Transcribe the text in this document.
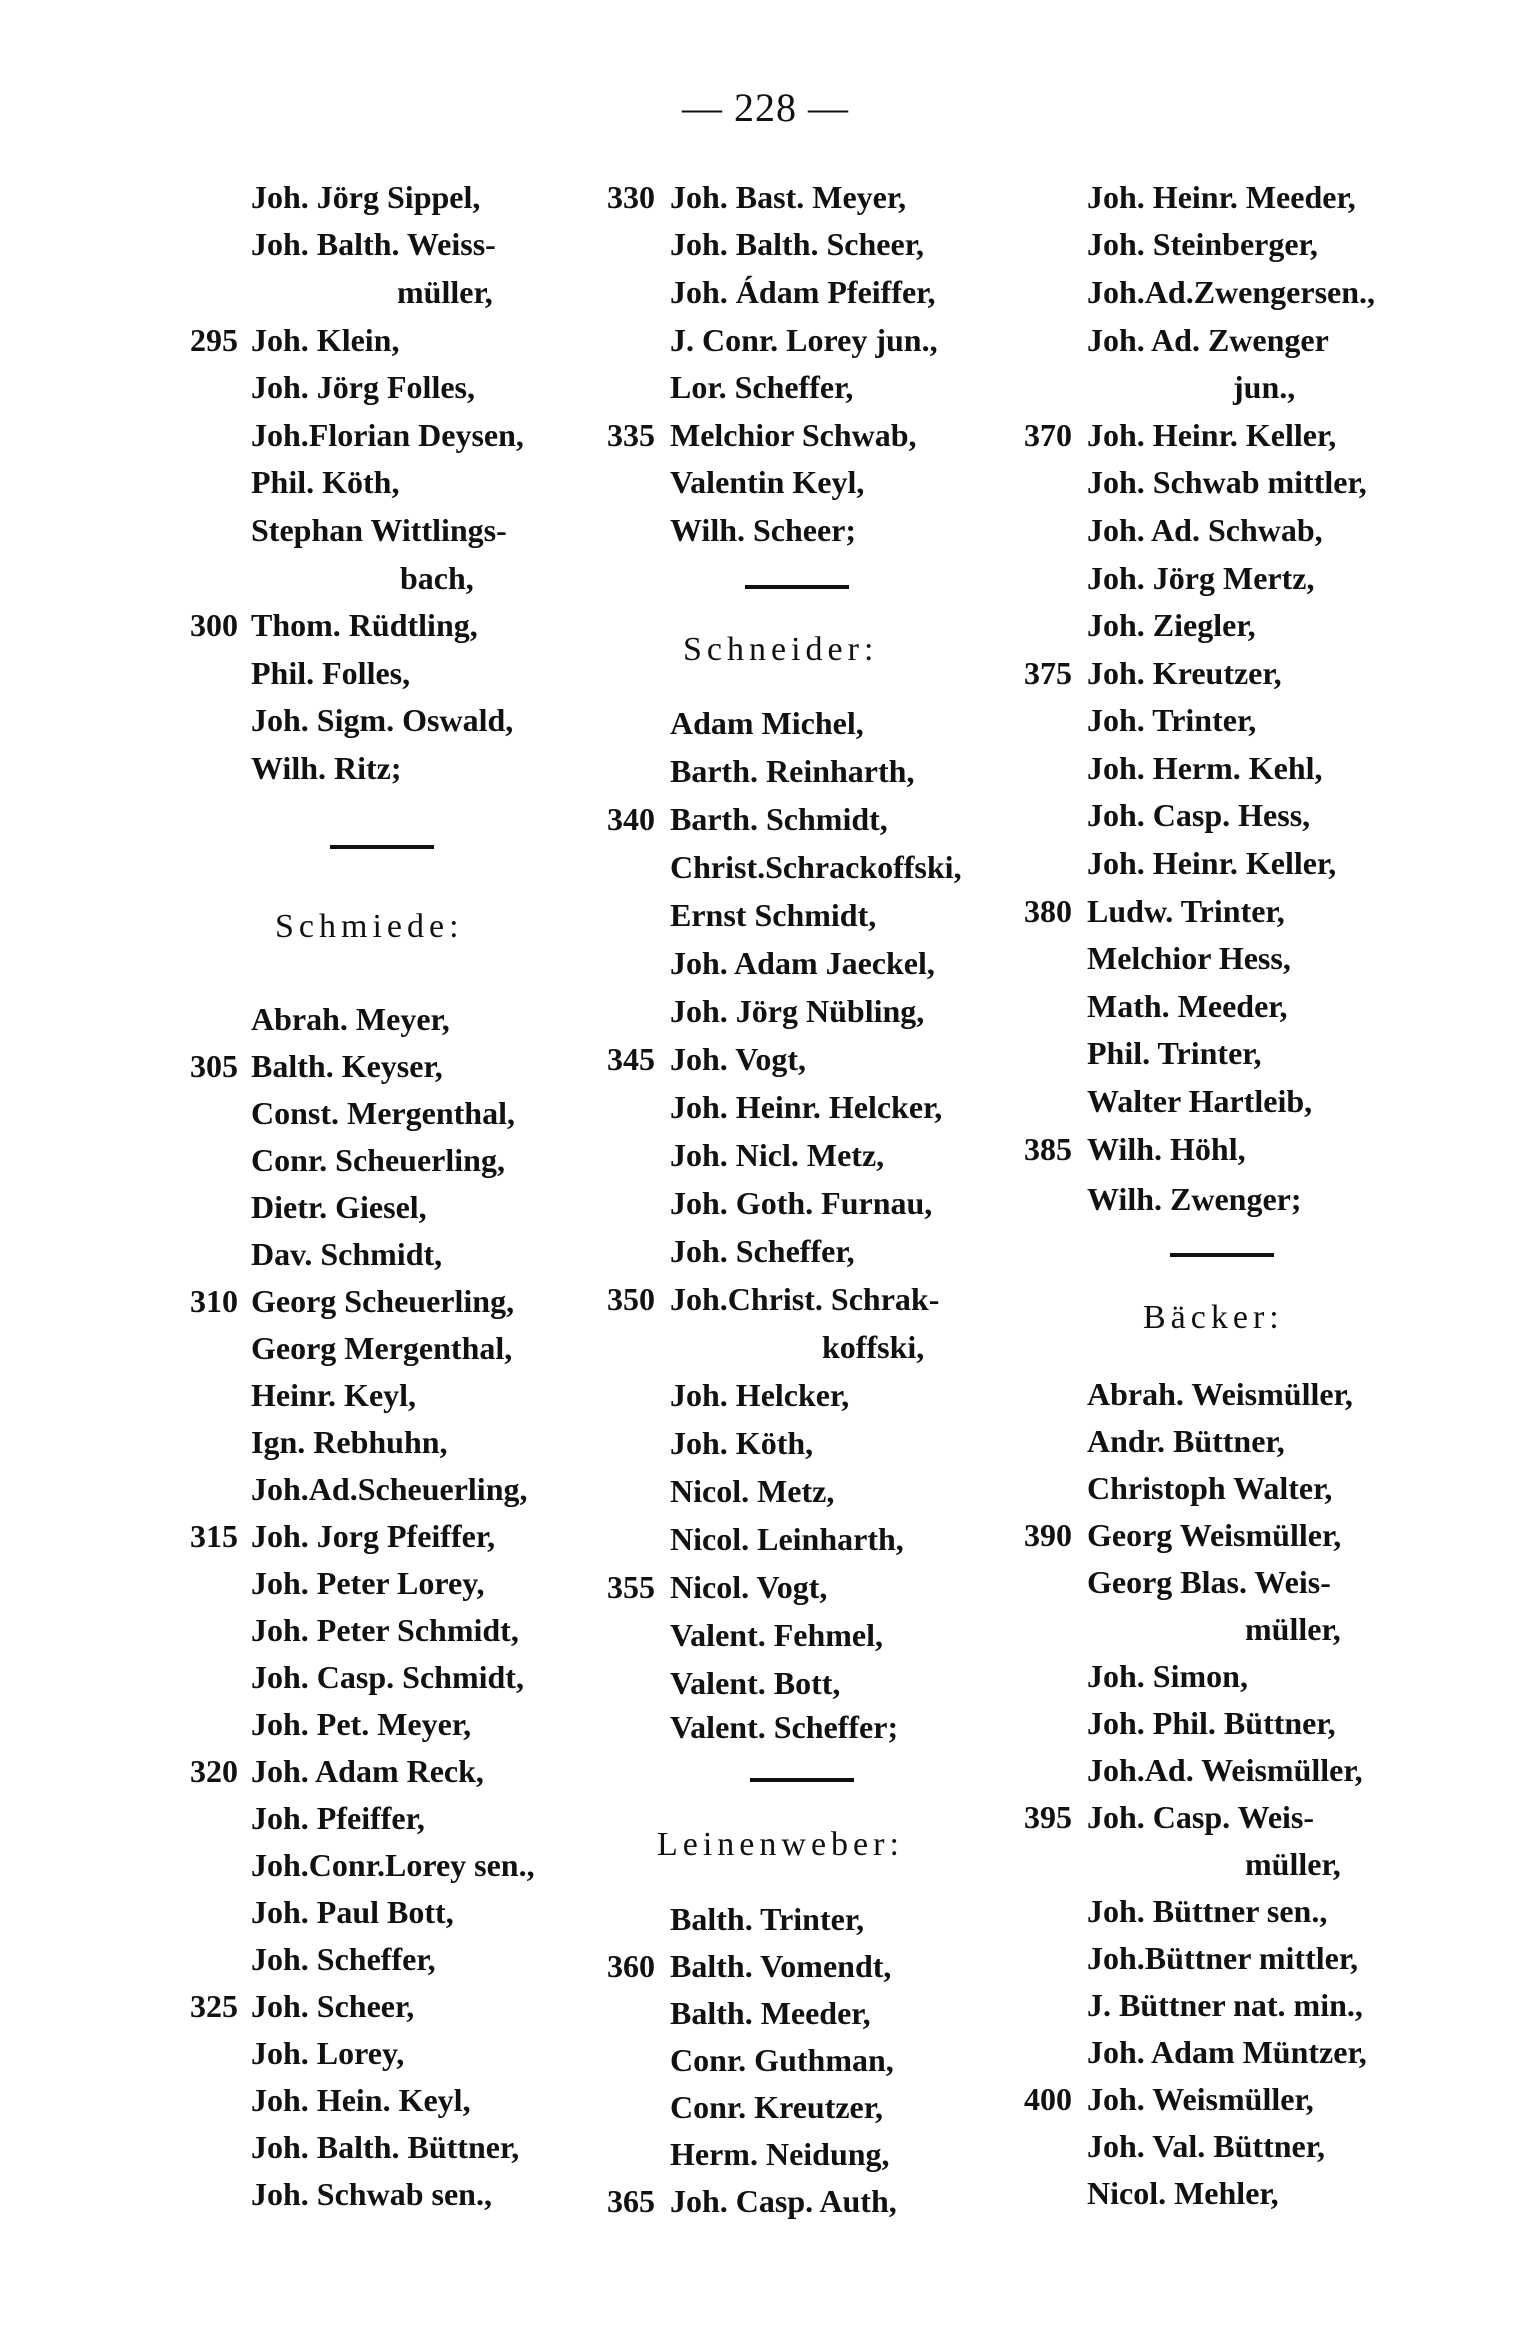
— 228 —
Joh. Jörg Sippel,
Joh. Balth. Weiss-
müller,
295 Joh. Klein,
Joh. Jörg Folles,
Joh.Florian Deysen,
Phil. Köth,
Stephan Wittlings-
bach,
300 Thom. Rüdtling,
Phil. Folles,
Joh. Sigm. Oswald,
Wilh. Ritz;
Abrah. Meyer,
305 Balth. Keyser,
Const. Mergenthal,
Conr. Scheuerling,
Dietr. Giesel,
Dav. Schmidt,
310 Georg Scheuerling,
Georg Mergenthal,
Heinr. Keyl,
Ign. Rebhuhn,
Joh.Ad.Scheuerling,
315 Joh. Jorg Pfeiffer,
Joh. Peter Lorey,
Joh. Peter Schmidt,
Joh. Casp. Schmidt,
Joh. Pet. Meyer,
320 Joh. Adam Reck,
Joh. Pfeiffer,
Joh.Conr.Lorey sen.,
Joh. Paul Bott,
Joh. Scheffer,
325 Joh. Scheer,
Joh. Lorey,
Joh. Hein. Keyl,
Joh. Balth. Büttner,
Joh. Schwab sen.,
Schmiede:
330 Joh. Bast. Meyer,
Joh. Balth. Scheer,
Joh. Ádam Pfeiffer,
J. Conr. Lorey jun.,
Lor. Scheffer,
335 Melchior Schwab,
Valentin Keyl,
Wilh. Scheer;
Adam Michel,
Barth. Reinharth,
340 Barth. Schmidt,
Christ.Schrackoffski,
Ernst Schmidt,
Joh. Adam Jaeckel,
Joh. Jörg Nübling,
345 Joh. Vogt,
Joh. Heinr. Helcker,
Joh. Nicl. Metz,
Joh. Goth. Furnau,
Joh. Scheffer,
350 Joh.Christ. Schrak-
koffski,
Joh. Helcker,
Joh. Köth,
Nicol. Metz,
Nicol. Leinharth,
355 Nicol. Vogt,
Valent. Fehmel,
Valent. Bott,
Valent. Scheffer;
Balth. Trinter,
360 Balth. Vomendt,
Balth. Meeder,
Conr. Guthman,
Conr. Kreutzer,
Herm. Neidung,
365 Joh. Casp. Auth,
Schneider:
Leinenweber:
Joh. Heinr. Meeder,
Joh. Steinberger,
Joh.Ad.Zwengersen.,
Joh. Ad. Zwenger
jun.,
370 Joh. Heinr. Keller,
Joh. Schwab mittler,
Joh. Ad. Schwab,
Joh. Jörg Mertz,
Joh. Ziegler,
375 Joh. Kreutzer,
Joh. Trinter,
Joh. Herm. Kehl,
Joh. Casp. Hess,
Joh. Heinr. Keller,
380 Ludw. Trinter,
Melchior Hess,
Math. Meeder,
Phil. Trinter,
Walter Hartleib,
385 Wilh. Höhl,
Wilh. Zwenger;
Abrah. Weismüller,
Andr. Büttner,
Christoph Walter,
390 Georg Weismüller,
Georg Blas. Weis-
müller,
Joh. Simon,
Joh. Phil. Büttner,
Joh.Ad. Weismüller,
395 Joh. Casp. Weis-
müller,
Joh. Büttner sen.,
Joh.Büttner mittler,
J. Büttner nat. min.,
Joh. Adam Müntzer,
400 Joh. Weismüller,
Joh. Val. Büttner,
Nicol. Mehler,
Bäcker:
